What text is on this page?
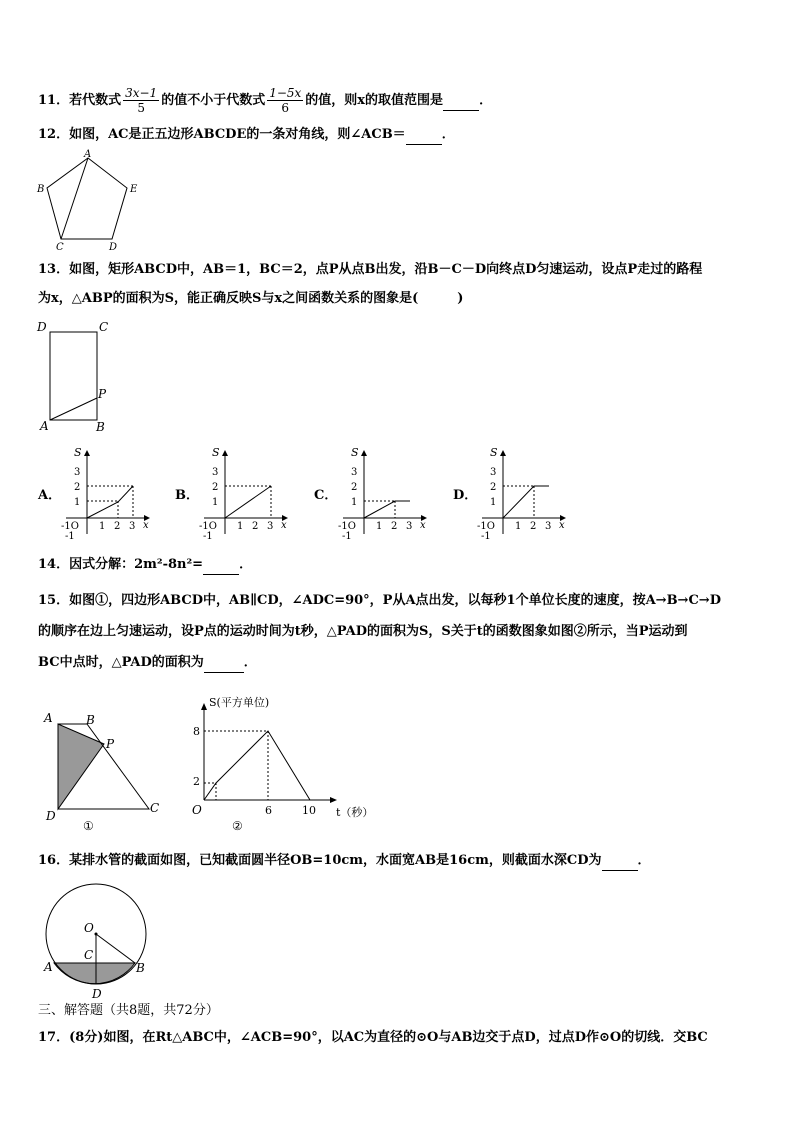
11．若代数式 $\frac{3x-1}{5}$ 的值不小于代数式 $\frac{1-5x}{6}$ 的值，则x的取值范围是	．
12．如图，AC是正五边形ABCDE的一条对角线，则∠ACB＝	．
A
B	E
C	D
13．如图，矩形ABCD中，AB＝1，BC＝2，点P从点B出发，沿B－C－D向终点D匀速运动，设点P走过的路程
为x，△ABP的面积为S，能正确反映S与x之间函数关系的图象是(　　　)
D	C
P
A	B
A．
S
x
3
2
1
-1O
-1
1 2 3
B．
S
x
3
2
1
-1O
-1
1 2 3
C．
S
x
3
2
1
-1O
-1
1 2 3
D．
S
x
3
2
1
-1O
-1
1 2 3
14．因式分解：2m²-8n²=	．
15．如图①，四边形ABCD中，AB∥CD，∠ADC=90°，P从A点出发，以每秒1个单位长度的速度，按A→B→C→D
的顺序在边上匀速运动，设P点的运动时间为t秒，△PAD的面积为S，S关于t的函数图象如图②所示，当P运动到
BC中点时，△PAD的面积为	．
A	B
P
D
C
①
S(平方单位)
t（秒）
O
8
2
6	10
②
16．某排水管的截面如图，已知截面圆半径OB=10cm，水面宽AB是16cm，则截面水深CD为	．
O
C
A	B
D
三、解答题（共8题，共72分）
17．(8分)如图，在Rt△ABC中，∠ACB=90°，以AC为直径的⊙O与AB边交于点D，过点D作⊙O的切线．交BC
